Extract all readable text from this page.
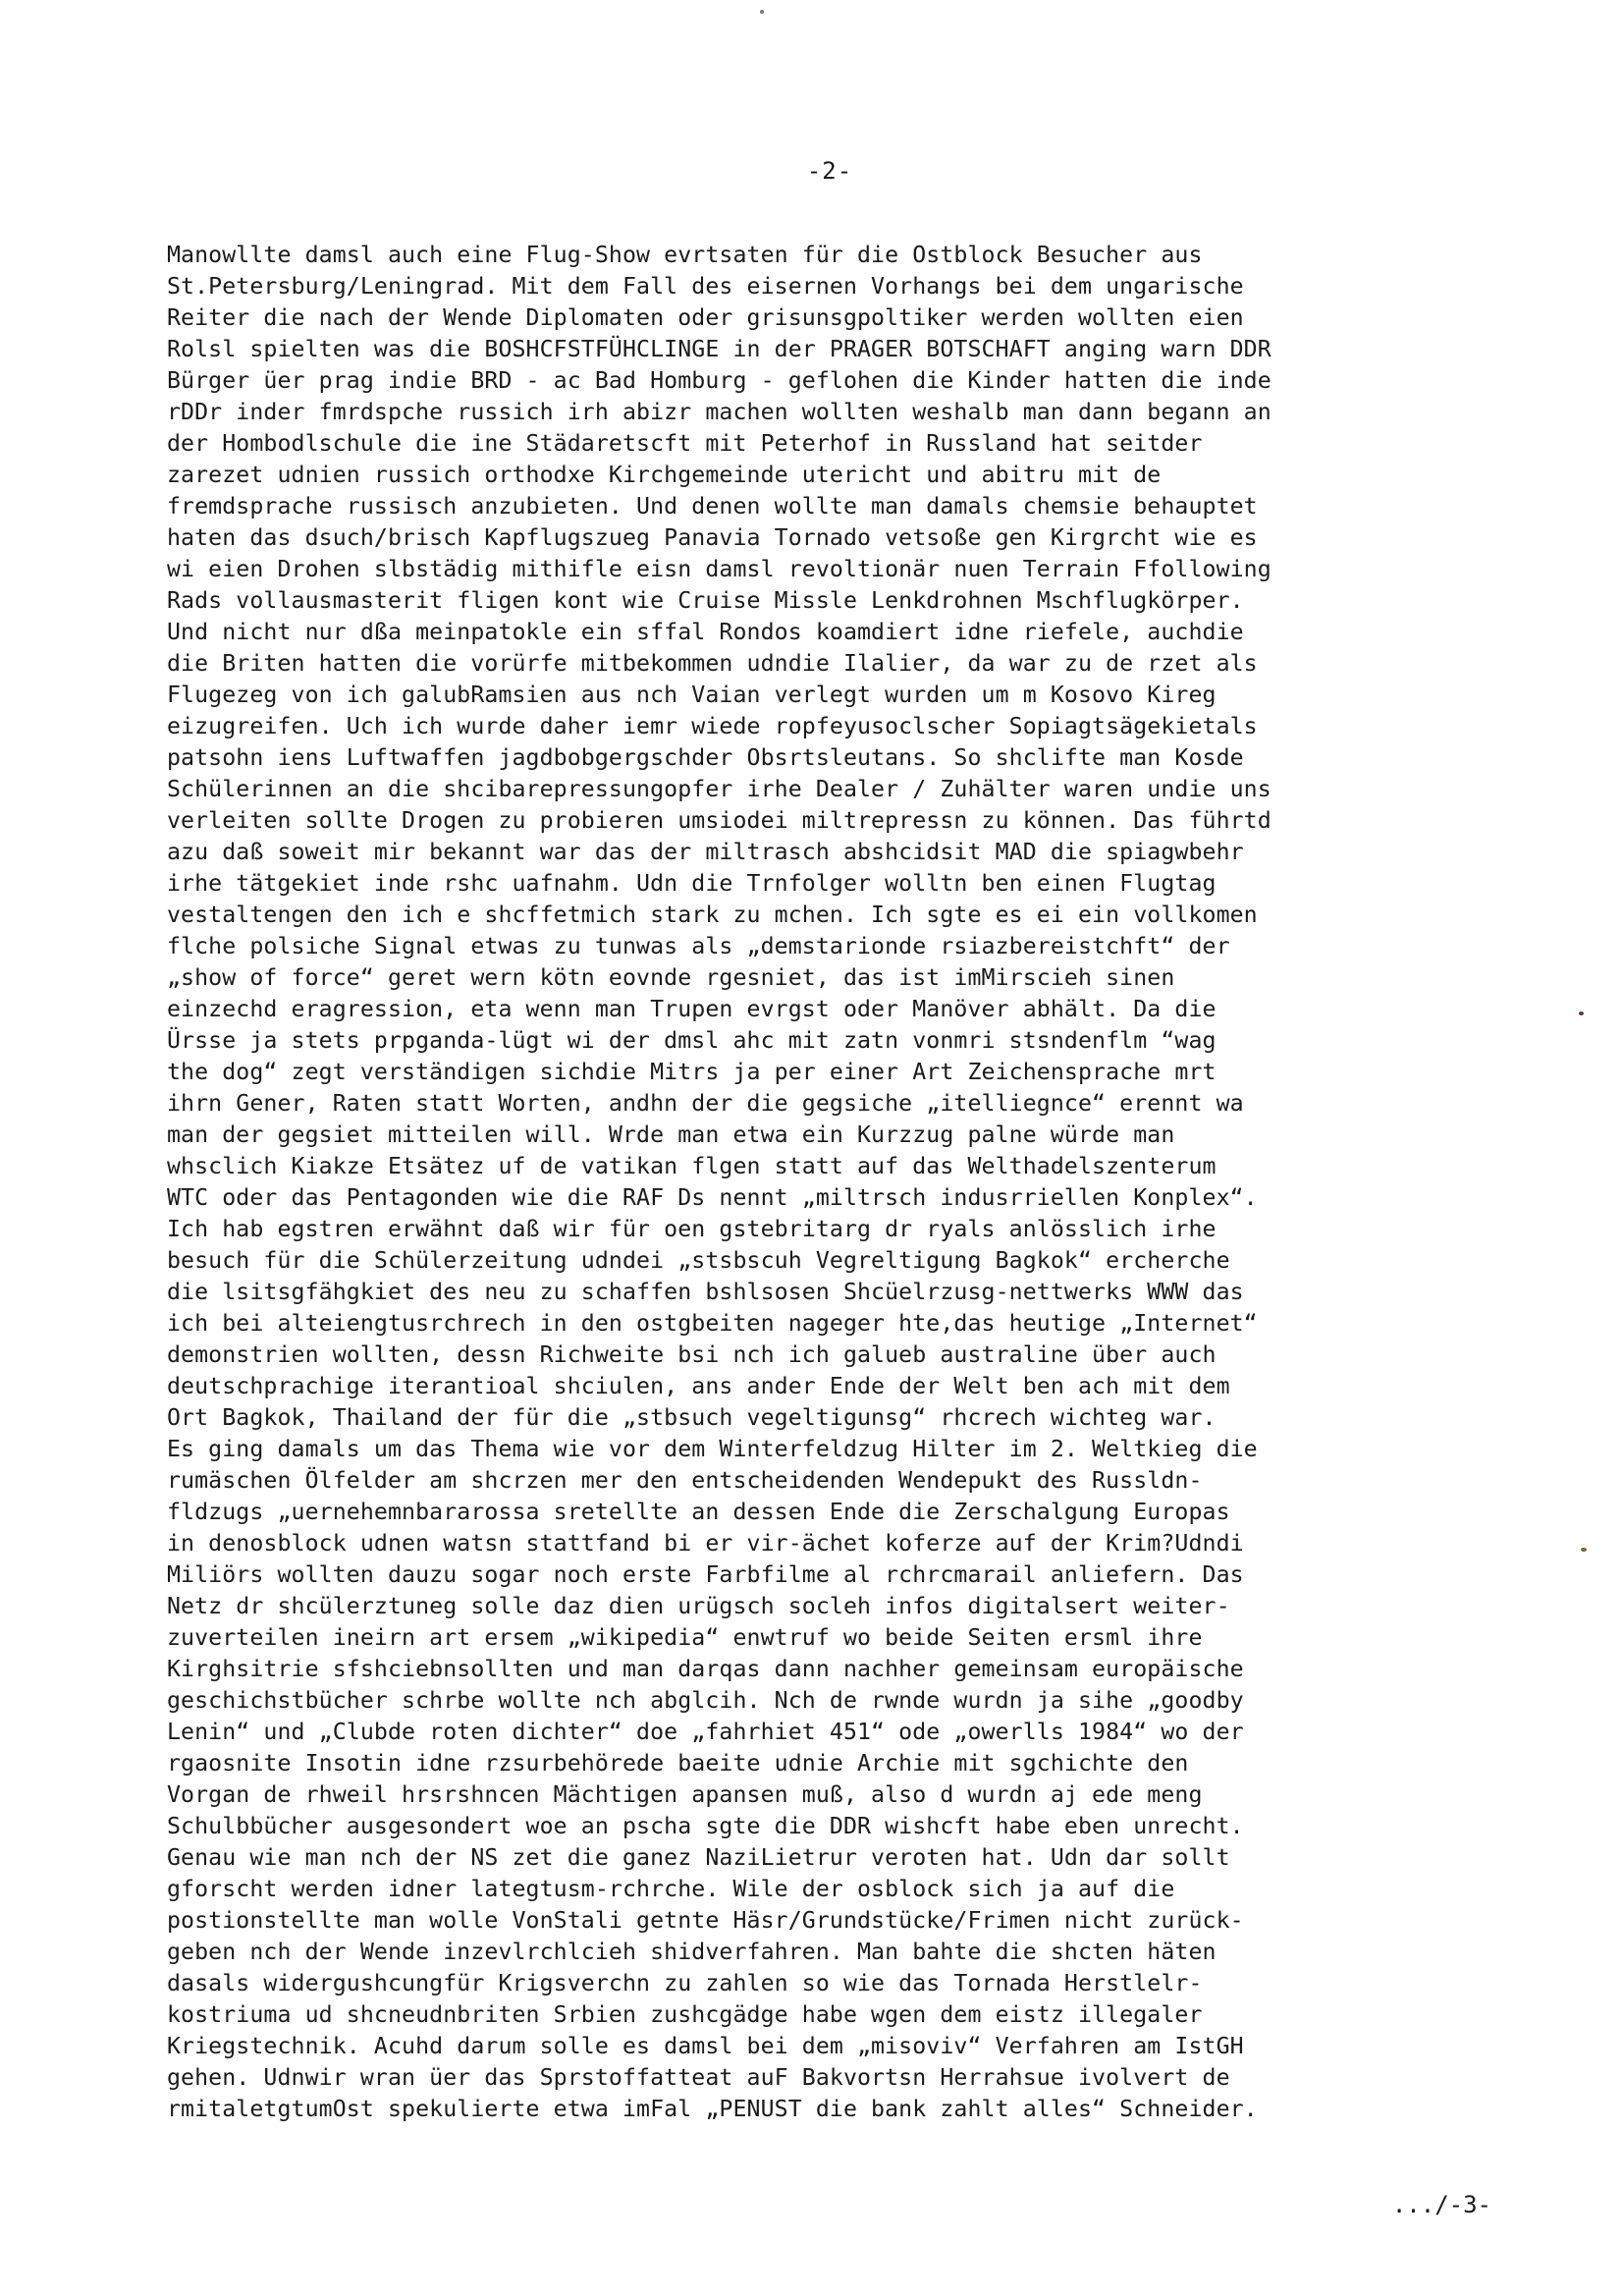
-2-
Manowllte damsl auch eine Flug-Show evrtsaten für die Ostblock Besucher aus
St.Petersburg/Leningrad. Mit dem Fall des eisernen Vorhangs bei dem ungarische
Reiter die nach der Wende Diplomaten oder grisunsgpoltiker werden wollten eien
Rolsl spielten was die BOSHCFSTFÜHCLINGE in der PRAGER BOTSCHAFT anging warn DDR
Bürger üer prag indie BRD - ac Bad Homburg - geflohen die Kinder hatten die inde
rDDr inder fmrdspche russich irh abizr machen wollten weshalb man dann begann an
der Hombodlschule die ine Städaretscft mit Peterhof in Russland hat seitder
zarezet udnien russich orthodxe Kirchgemeinde utericht und abitru mit de
fremdsprache russisch anzubieten. Und denen wollte man damals chemsie behauptet
haten das dsuch/brisch Kapflugszueg Panavia Tornado vetsoße gen Kirgrcht wie es
wi eien Drohen slbstädig mithifle eisn damsl revoltionär nuen Terrain Ffollowing
Rads vollausmasterit fligen kont wie Cruise Missle Lenkdrohnen Mschflugkörper.
Und nicht nur dßa meinpatokle ein sffal Rondos koamdiert idne riefele, auchdie
die Briten hatten die vorürfe mitbekommen udndie Ilalier, da war zu de rzet als
Flugezeg von ich galubRamsien aus nch Vaian verlegt wurden um m Kosovo Kireg
eizugreifen. Uch ich wurde daher iemr wiede ropfeyusoclscher Sopiagtsägekietals
patsohn iens Luftwaffen jagdbobgergschder Obsrtsleutans. So shclifte man Kosde
Schülerinnen an die shcibarepressungopfer irhe Dealer / Zuhälter waren undie uns
verleiten sollte Drogen zu probieren umsiodei miltrepressn zu können. Das führtd
azu daß soweit mir bekannt war das der miltrasch abshcidsit MAD die spiagwbehr
irhe tätgekiet inde rshc uafnahm. Udn die Trnfolger wolltn ben einen Flugtag
vestaltengen den ich e shcffetmich stark zu mchen. Ich sgte es ei ein vollkomen
flche polsiche Signal etwas zu tunwas als „demstarionde rsiazbereistchft“ der
„show of force“ geret wern kötn eovnde rgesniet, das ist imMirscieh sinen
einzechd eragression, eta wenn man Trupen evrgst oder Manöver abhält. Da die
Ürsse ja stets prpganda-lügt wi der dmsl ahc mit zatn vonmri stsndenflm “wag
the dog“ zegt verständigen sichdie Mitrs ja per einer Art Zeichensprache mrt
ihrn Gener, Raten statt Worten, andhn der die gegsiche „itelliegnce“ erennt wa
man der gegsiet mitteilen will. Wrde man etwa ein Kurzzug palne würde man
whsclich Kiakze Etsätez uf de vatikan flgen statt auf das Welthadelszenterum
WTC oder das Pentagonden wie die RAF Ds nennt „miltrsch indusrriellen Konplex“.
Ich hab egstren erwähnt daß wir für oen gstebritarg dr ryals anlösslich irhe
besuch für die Schülerzeitung udndei „stsbscuh Vegreltigung Bagkok“ ercherche
die lsitsgfähgkiet des neu zu schaffen bshlsosen Shcüelrzusg-nettwerks WWW das
ich bei alteiengtusrchrech in den ostgbeiten nageger hte,das heutige „Internet“
demonstrien wollten, dessn Richweite bsi nch ich galueb australine über auch
deutschprachige iterantioal shciulen, ans ander Ende der Welt ben ach mit dem
Ort Bagkok, Thailand der für die „stbsuch vegeltigunsg“ rhcrech wichteg war.
Es ging damals um das Thema wie vor dem Winterfeldzug Hilter im 2. Weltkieg die
rumäschen Ölfelder am shcrzen mer den entscheidenden Wendepukt des Russldn-
fldzugs „uernehemnbararossa sretellte an dessen Ende die Zerschalgung Europas
in denosblock udnen watsn stattfand bi er vir-ächet koferze auf der Krim?Udndi
Miliörs wollten dauzu sogar noch erste Farbfilme al rchrcmarail anliefern. Das
Netz dr shcülerztuneg solle daz dien urügsch socleh infos digitalsert weiter-
zuverteilen ineirn art ersem „wikipedia“ enwtruf wo beide Seiten ersml ihre
Kirghsitrie sfshciebnsollten und man darqas dann nachher gemeinsam europäische
geschichstbücher schrbe wollte nch abglcih. Nch de rwnde wurdn ja sihe „goodby
Lenin“ und „Clubde roten dichter“ doe „fahrhiet 451“ ode „owerlls 1984“ wo der
rgaosnite Insotin idne rzsurbehörede baeite udnie Archie mit sgchichte den
Vorgan de rhweil hrsrshncen Mächtigen apansen muß, also d wurdn aj ede meng
Schulbbücher ausgesondert woe an pscha sgte die DDR wishcft habe eben unrecht.
Genau wie man nch der NS zet die ganez NaziLietrur veroten hat. Udn dar sollt
gforscht werden idner lategtusm-rchrche. Wile der osblock sich ja auf die
postionstellte man wolle VonStali getnte Häsr/Grundstücke/Frimen nicht zurück-
geben nch der Wende inzevlrchlcieh shidverfahren. Man bahte die shcten häten
dasals widergushcungfür Krigsverchn zu zahlen so wie das Tornada Herstlelr-
kostriuma ud shcneudnbriten Srbien zushcgädge habe wgen dem eistz illegaler
Kriegstechnik. Acuhd darum solle es damsl bei dem „misoviv“ Verfahren am IstGH
gehen. Udnwir wran üer das Sprstoffatteat auF Bakvortsn Herrahsue ivolvert de
rmitaletgtumOst spekulierte etwa imFal „PENUST die bank zahlt alles“ Schneider.
.../-3-
